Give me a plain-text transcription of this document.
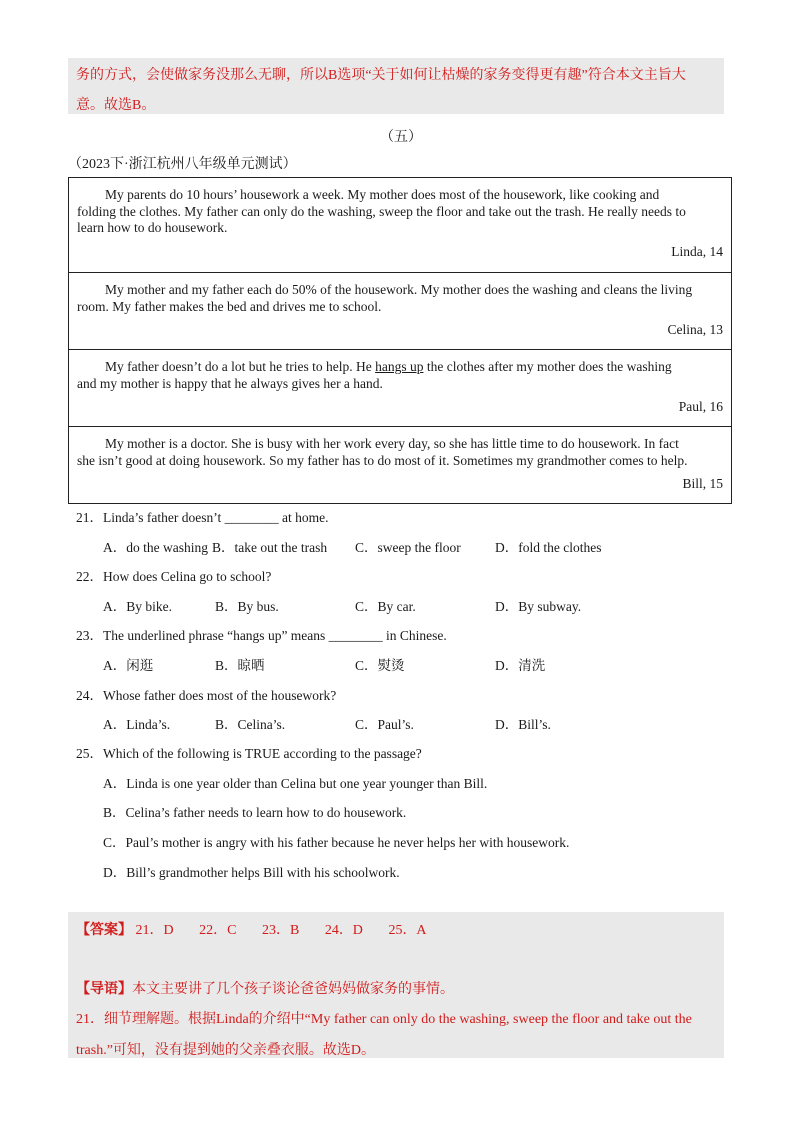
务的方式，会使做家务没那么无聊，所以B选项“关于如何让枯燥的家务变得更有趣”符合本文主旨大
意。故选B。
（五）
（2023下·浙江杭州八年级单元测试）

My parents do 10 hours’ housework a week. My mother does most of the housework, like cooking and
folding the clothes. My father can only do the washing, sweep the floor and take out the trash. He really needs to
learn how to do housework.

Linda, 14

My mother and my father each do 50% of the housework. My mother does the washing and cleans the living
room. My father makes the bed and drives me to school.

Celina, 13

My father doesn’t do a lot but he tries to help. He hangs up the clothes after my mother does the washing
and my mother is happy that he always gives her a hand.

Paul, 16

My mother is a doctor. She is busy with her work every day, so she has little time to do housework. In fact
she isn’t good at doing housework. So my father has to do most of it. Sometimes my grandmother comes to help.

Bill, 15
21．Linda’s father doesn’t ________ at home.
A．do the washing B．take out the trash C．sweep the floor	D．fold the clothes
22．How does Celina go to school?
A．By bike.	B．By bus.	C．By car.	D．By subway.
23．The underlined phrase “hangs up” means ________ in Chinese.
A．闲逛	B．晾晒	C．熨烫	D．清洗
24．Whose father does most of the housework?
A．Linda’s.	B．Celina’s.	C．Paul’s.	D．Bill’s.
25．Which of the following is TRUE according to the passage?
A．Linda is one year older than Celina but one year younger than Bill.
B．Celina’s father needs to learn how to do housework.
C．Paul’s mother is angry with his father because he never helps her with housework.
D．Bill’s grandmother helps Bill with his schoolwork.
【答案】 21．D 22．C 23．B 24．D 25．A
【导语】本文主要讲了几个孩子谈论爸爸妈妈做家务的事情。
21．细节理解题。根据Linda的介绍中“My father can only do the washing, sweep the floor and take out the
trash.”可知，没有提到她的父亲叠衣服。故选D。
